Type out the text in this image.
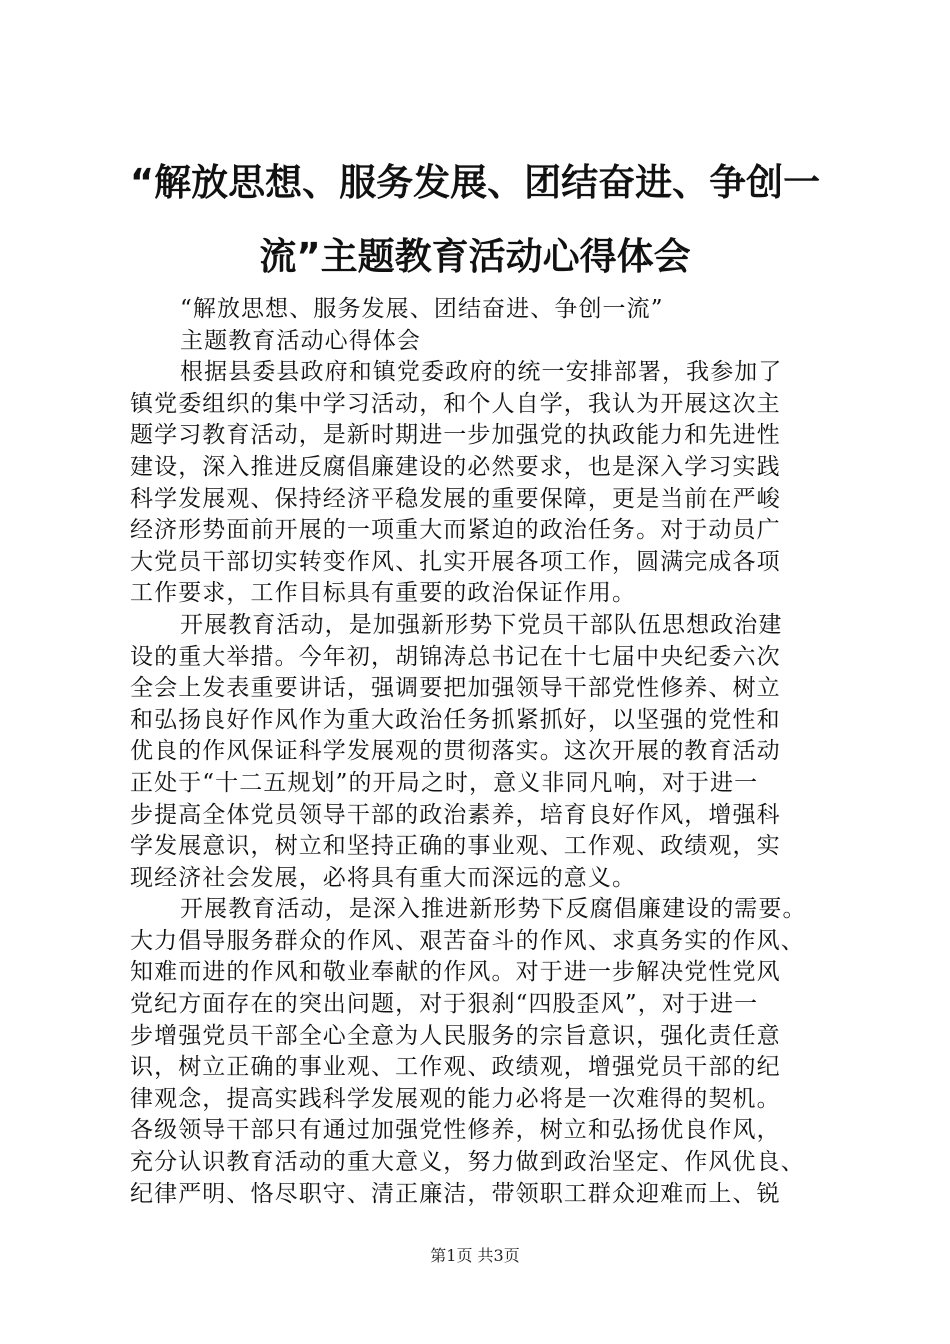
“解放思想、服务发展、团结奋进、争创一
流”主题教育活动心得体会
“解放思想、服务发展、团结奋进、争创一流”
主题教育活动心得体会
根据县委县政府和镇党委政府的统一安排部署，我参加了
镇党委组织的集中学习活动，和个人自学，我认为开展这次主
题学习教育活动，是新时期进一步加强党的执政能力和先进性
建设，深入推进反腐倡廉建设的必然要求，也是深入学习实践
科学发展观、保持经济平稳发展的重要保障，更是当前在严峻
经济形势面前开展的一项重大而紧迫的政治任务。对于动员广
大党员干部切实转变作风、扎实开展各项工作，圆满完成各项
工作要求，工作目标具有重要的政治保证作用。
开展教育活动，是加强新形势下党员干部队伍思想政治建
设的重大举措。今年初，胡锦涛总书记在十七届中央纪委六次
全会上发表重要讲话，强调要把加强领导干部党性修养、树立
和弘扬良好作风作为重大政治任务抓紧抓好，以坚强的党性和
优良的作风保证科学发展观的贯彻落实。这次开展的教育活动
正处于“十二五规划”的开局之时，意义非同凡响，对于进一
步提高全体党员领导干部的政治素养，培育良好作风，增强科
学发展意识，树立和坚持正确的事业观、工作观、政绩观，实
现经济社会发展，必将具有重大而深远的意义。
开展教育活动，是深入推进新形势下反腐倡廉建设的需要。
大力倡导服务群众的作风、艰苦奋斗的作风、求真务实的作风、
知难而进的作风和敬业奉献的作风。对于进一步解决党性党风
党纪方面存在的突出问题，对于狠刹“四股歪风”，对于进一
步增强党员干部全心全意为人民服务的宗旨意识，强化责任意
识，树立正确的事业观、工作观、政绩观，增强党员干部的纪
律观念，提高实践科学发展观的能力必将是一次难得的契机。
各级领导干部只有通过加强党性修养，树立和弘扬优良作风，
充分认识教育活动的重大意义，努力做到政治坚定、作风优良、
纪律严明、恪尽职守、清正廉洁，带领职工群众迎难而上、锐
第1页 共3页
